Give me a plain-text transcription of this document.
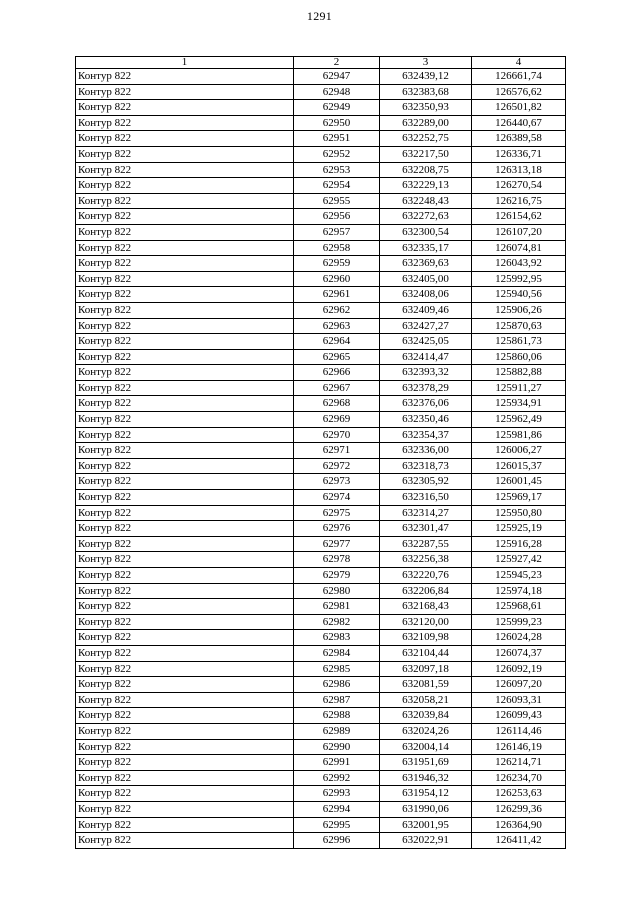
1291
1	2	3	4
Контур 822	62947	632439,12	126661,74
Контур 822	62948	632383,68	126576,62
Контур 822	62949	632350,93	126501,82
Контур 822	62950	632289,00	126440,67
Контур 822	62951	632252,75	126389,58
Контур 822	62952	632217,50	126336,71
Контур 822	62953	632208,75	126313,18
Контур 822	62954	632229,13	126270,54
Контур 822	62955	632248,43	126216,75
Контур 822	62956	632272,63	126154,62
Контур 822	62957	632300,54	126107,20
Контур 822	62958	632335,17	126074,81
Контур 822	62959	632369,63	126043,92
Контур 822	62960	632405,00	125992,95
Контур 822	62961	632408,06	125940,56
Контур 822	62962	632409,46	125906,26
Контур 822	62963	632427,27	125870,63
Контур 822	62964	632425,05	125861,73
Контур 822	62965	632414,47	125860,06
Контур 822	62966	632393,32	125882,88
Контур 822	62967	632378,29	125911,27
Контур 822	62968	632376,06	125934,91
Контур 822	62969	632350,46	125962,49
Контур 822	62970	632354,37	125981,86
Контур 822	62971	632336,00	126006,27
Контур 822	62972	632318,73	126015,37
Контур 822	62973	632305,92	126001,45
Контур 822	62974	632316,50	125969,17
Контур 822	62975	632314,27	125950,80
Контур 822	62976	632301,47	125925,19
Контур 822	62977	632287,55	125916,28
Контур 822	62978	632256,38	125927,42
Контур 822	62979	632220,76	125945,23
Контур 822	62980	632206,84	125974,18
Контур 822	62981	632168,43	125968,61
Контур 822	62982	632120,00	125999,23
Контур 822	62983	632109,98	126024,28
Контур 822	62984	632104,44	126074,37
Контур 822	62985	632097,18	126092,19
Контур 822	62986	632081,59	126097,20
Контур 822	62987	632058,21	126093,31
Контур 822	62988	632039,84	126099,43
Контур 822	62989	632024,26	126114,46
Контур 822	62990	632004,14	126146,19
Контур 822	62991	631951,69	126214,71
Контур 822	62992	631946,32	126234,70
Контур 822	62993	631954,12	126253,63
Контур 822	62994	631990,06	126299,36
Контур 822	62995	632001,95	126364,90
Контур 822	62996	632022,91	126411,42
